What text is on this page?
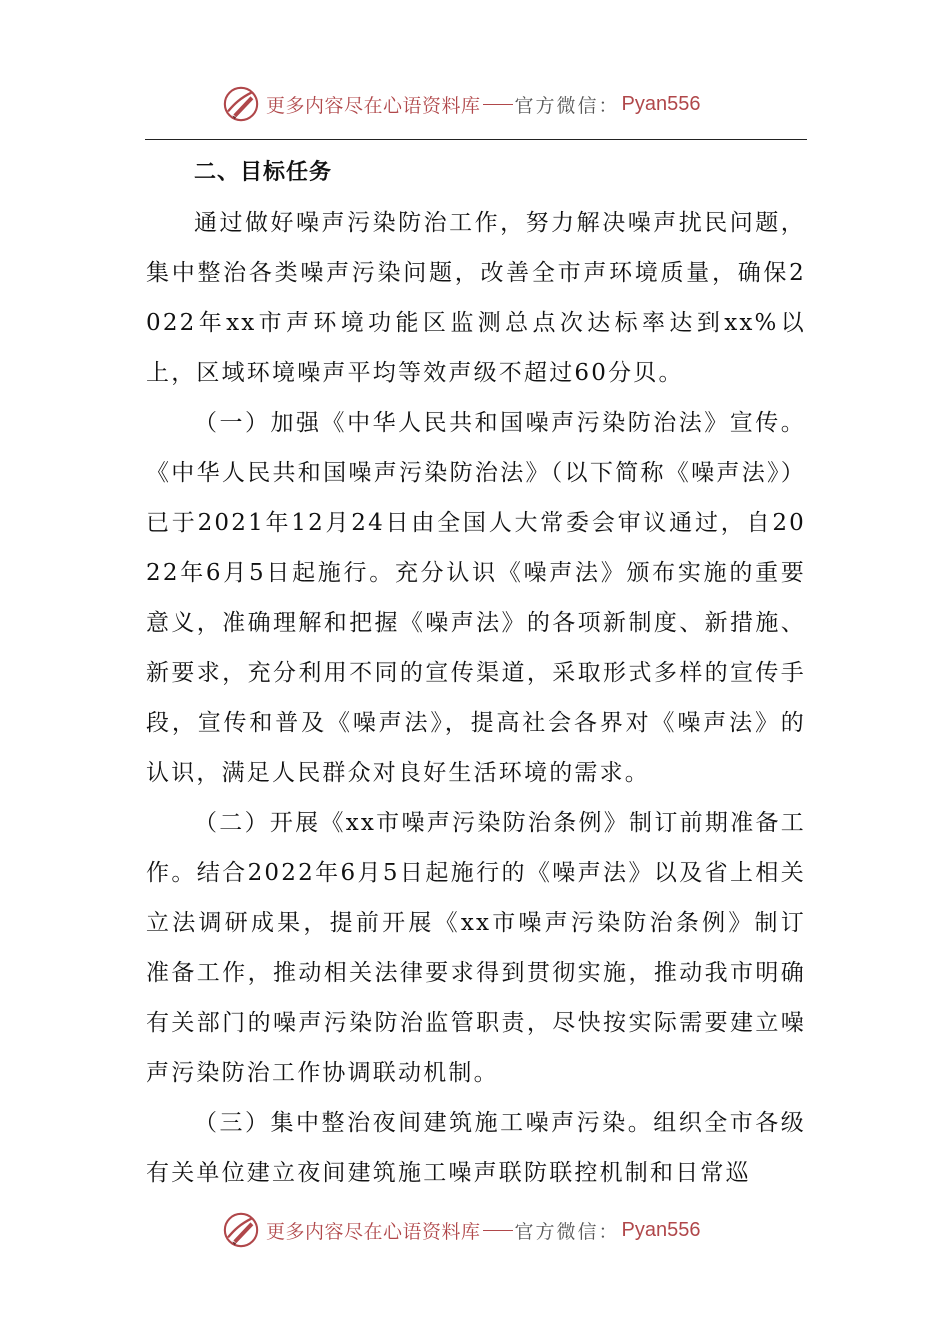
更多内容尽在心语资料库 官方微信： Pyan556
二、目标任务

通过做好噪声污染防治工作，努力解决噪声扰民问题，集中整治各类噪声污染问题，改善全市声环境质量，确保2022年xx市声环境功能区监测总点次达标率达到xx%以上，区域环境噪声平均等效声级不超过60分贝。

（一）加强《中华人民共和国噪声污染防治法》宣传。《中华人民共和国噪声污染防治法》（以下简称《噪声法》）已于2021年12月24日由全国人大常委会审议通过，自2022年6月5日起施行。充分认识《噪声法》颁布实施的重要意义，准确理解和把握《噪声法》的各项新制度、新措施、新要求，充分利用不同的宣传渠道，采取形式多样的宣传手段，宣传和普及《噪声法》，提高社会各界对《噪声法》的认识，满足人民群众对良好生活环境的需求。

（二）开展《xx市噪声污染防治条例》制订前期准备工作。结合2022年6月5日起施行的《噪声法》以及省上相关立法调研成果，提前开展《xx市噪声污染防治条例》制订准备工作，推动相关法律要求得到贯彻实施，推动我市明确有关部门的噪声污染防治监管职责，尽快按实际需要建立噪声污染防治工作协调联动机制。

（三）集中整治夜间建筑施工噪声污染。组织全市各级有关单位建立夜间建筑施工噪声联防联控机制和日常巡

更多内容尽在心语资料库 官方微信： Pyan556
